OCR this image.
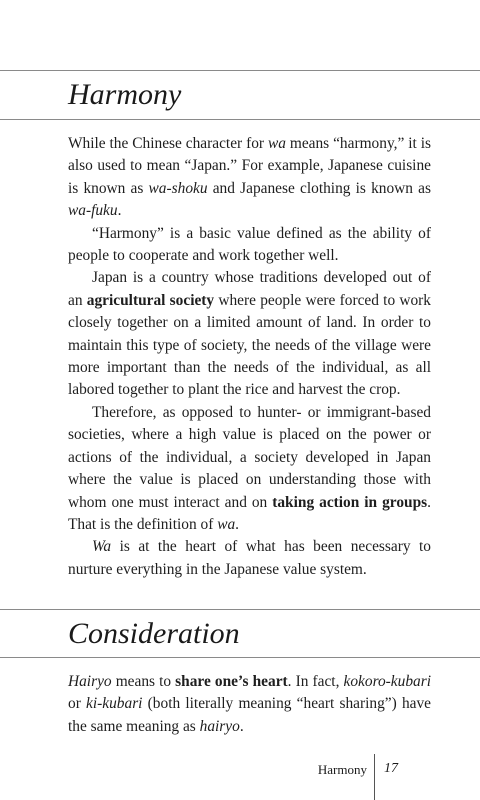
Harmony

While the Chinese character for wa means “harmony,” it is also used to mean “Japan.” For example, Japanese cuisine is known as wa-shoku and Japanese clothing is known as wa-fuku.

“Harmony” is a basic value defined as the ability of people to cooperate and work together well.

Japan is a country whose traditions developed out of an agricultural society where people were forced to work closely together on a limited amount of land. In order to maintain this type of society, the needs of the village were more important than the needs of the individual, as all labored together to plant the rice and harvest the crop.

Therefore, as opposed to hunter- or immigrant-based societies, where a high value is placed on the power or actions of the individual, a society developed in Japan where the value is placed on understanding those with whom one must interact and on taking action in groups. That is the definition of wa.

Wa is at the heart of what has been necessary to nurture everything in the Japanese value system.

Consideration

Hairyo means to share one’s heart. In fact, kokoro-kubari or ki-kubari (both literally meaning “heart sharing”) have the same meaning as hairyo.

Harmony 17
